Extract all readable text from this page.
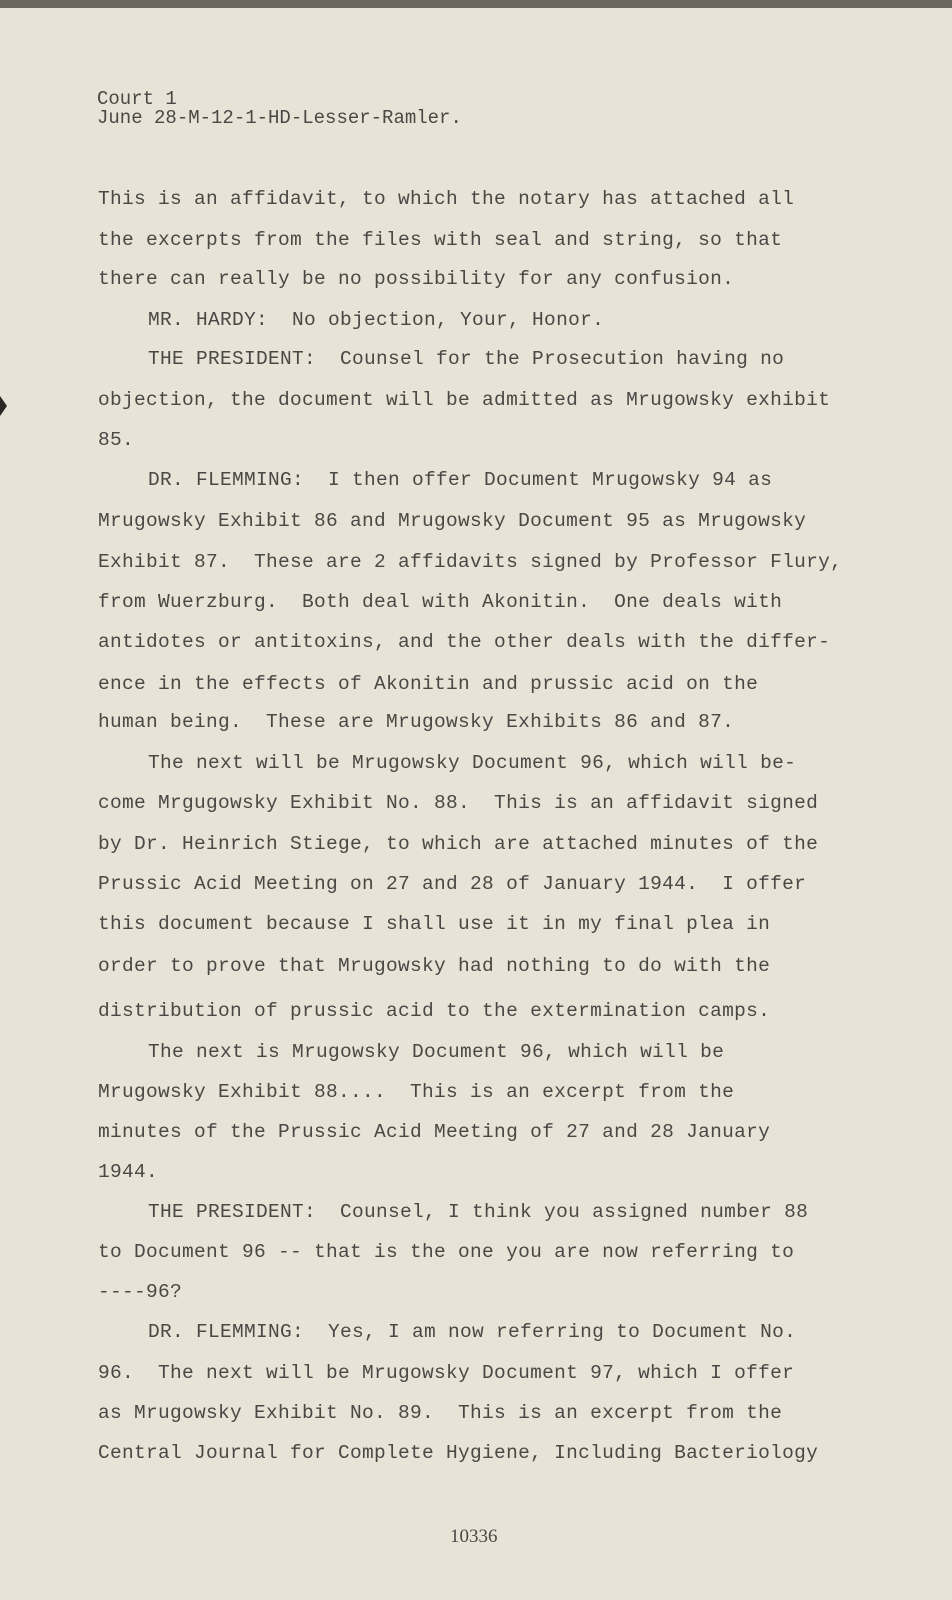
Court 1
June 28-M-12-1-HD-Lesser-Ramler.
This is an affidavit, to which the notary has attached all
the excerpts from the files with seal and string, so that
there can really be no possibility for any confusion.
MR. HARDY:  No objection, Your, Honor.
THE PRESIDENT:  Counsel for the Prosecution having no
objection, the document will be admitted as Mrugowsky exhibit
85.
DR. FLEMMING:  I then offer Document Mrugowsky 94 as
Mrugowsky Exhibit 86 and Mrugowsky Document 95 as Mrugowsky
Exhibit 87.  These are 2 affidavits signed by Professor Flury,
from Wuerzburg.  Both deal with Akonitin.  One deals with
antidotes or antitoxins, and the other deals with the differ-
ence in the effects of Akonitin and prussic acid on the
human being.  These are Mrugowsky Exhibits 86 and 87.
The next will be Mrugowsky Document 96, which will be-
come Mrgugowsky Exhibit No. 88.  This is an affidavit signed
by Dr. Heinrich Stiege, to which are attached minutes of the
Prussic Acid Meeting on 27 and 28 of January 1944.  I offer
this document because I shall use it in my final plea in
order to prove that Mrugowsky had nothing to do with the
distribution of prussic acid to the extermination camps.
The next is Mrugowsky Document 96, which will be
Mrugowsky Exhibit 88....  This is an excerpt from the
minutes of the Prussic Acid Meeting of 27 and 28 January
1944.
THE PRESIDENT:  Counsel, I think you assigned number 88
to Document 96 -- that is the one you are now referring to
----96?
DR. FLEMMING:  Yes, I am now referring to Document No.
96.  The next will be Mrugowsky Document 97, which I offer
as Mrugowsky Exhibit No. 89.  This is an excerpt from the
Central Journal for Complete Hygiene, Including Bacteriology
10336
